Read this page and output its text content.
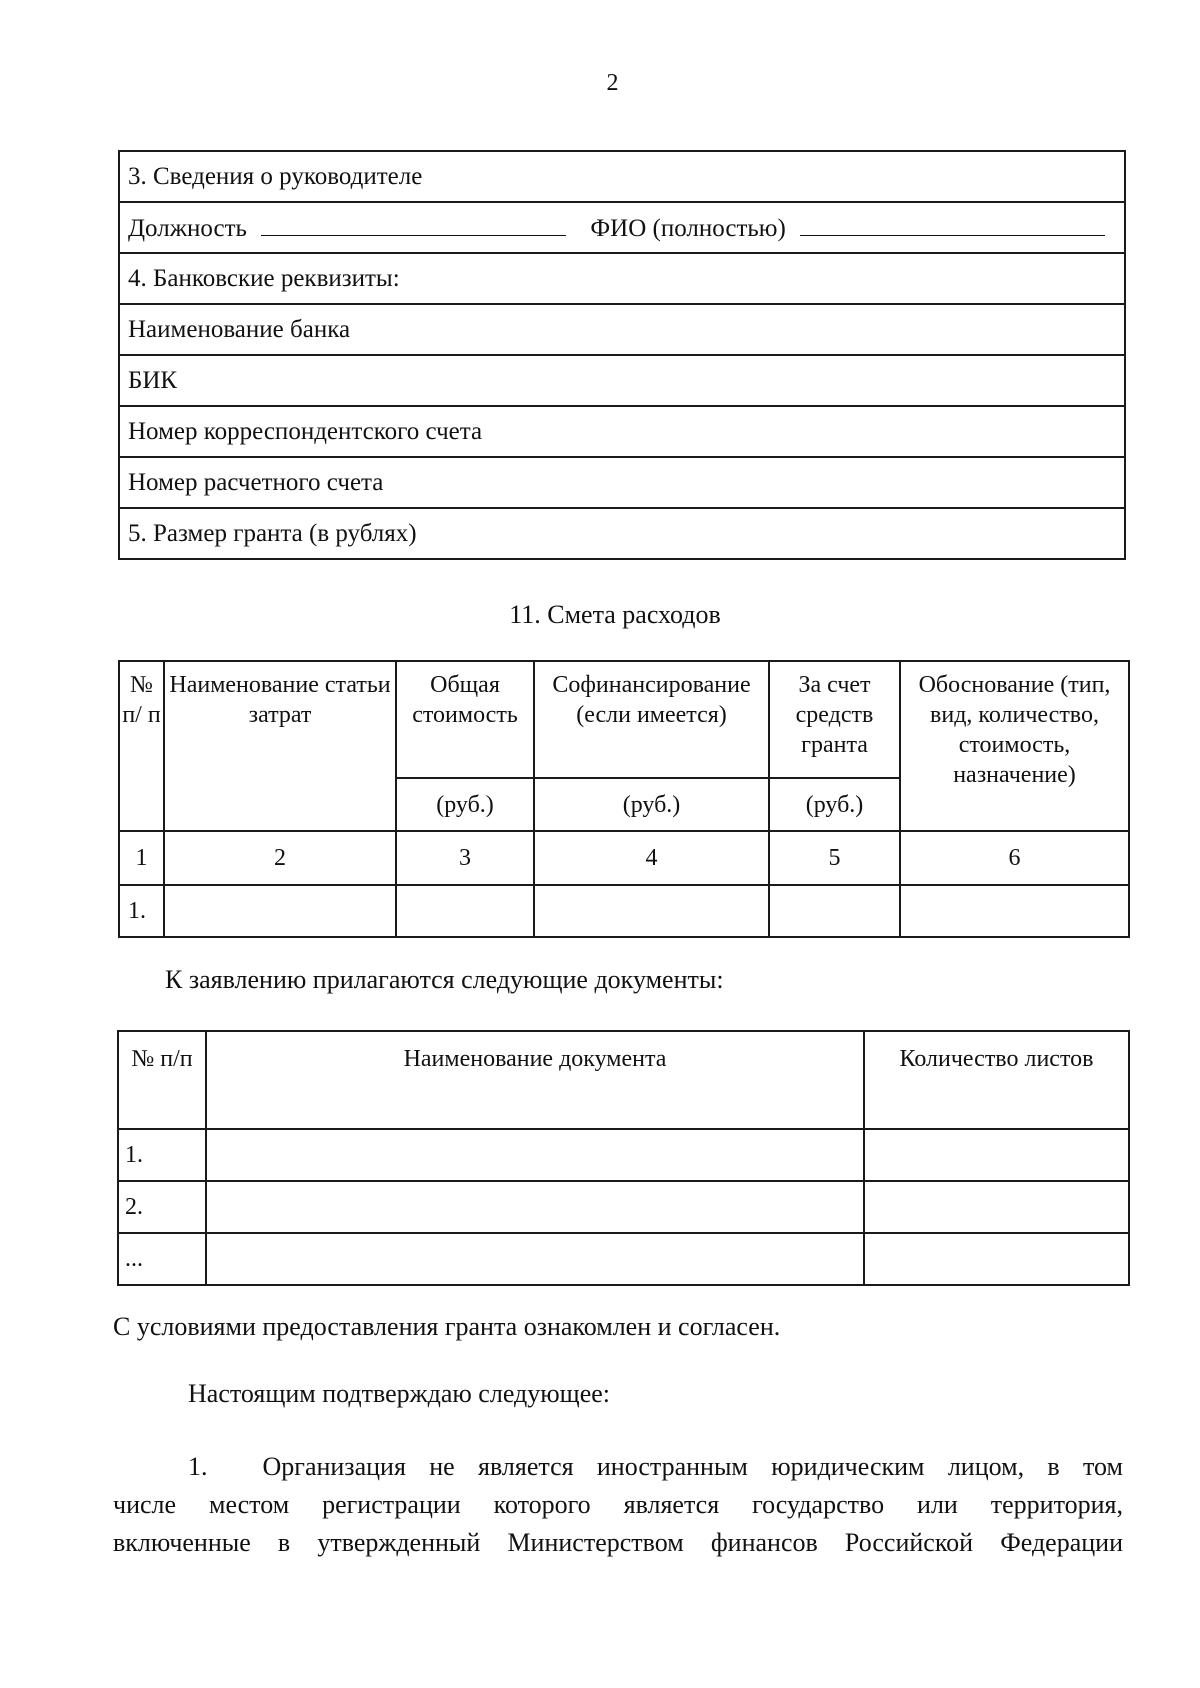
2
3. Сведения о руководителе
Должность	ФИО (полностью)
4. Банковские реквизиты:
Наименование банка
БИК
Номер корреспондентского счета
Номер расчетного счета
5. Размер гранта (в рублях)
11. Смета расходов
№ п/ п	Наименование статьи затрат	Общая стоимость	Софинансирование (если имеется)	За счет средств гранта	Обоснование (тип, вид, количество, стоимость, назначение)
		(руб.)	(руб.)	(руб.)	
1	2	3	4	5	6
1.					
К заявлению прилагаются следующие документы:
№ п/п	Наименование документа	Количество листов
1.		
2.		
...		
С условиями предоставления гранта ознакомлен и согласен.
Настоящим подтверждаю следующее:
1. Организация не является иностранным юридическим лицом, в том
числе местом регистрации которого является государство или территория,
включенные в утвержденный Министерством финансов Российской Федерации
